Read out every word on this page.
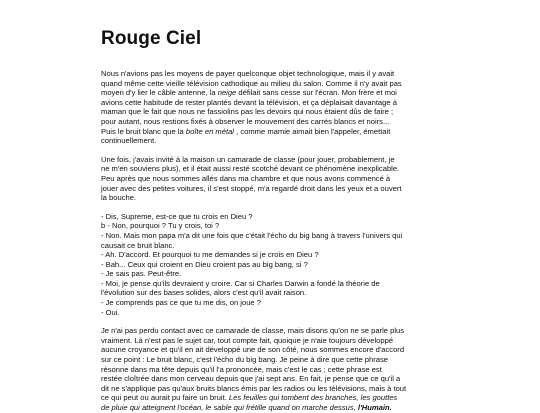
Rouge Ciel

Nous n'avions pas les moyens de payer quelconque objet technologique, mais il y avait
quand même cette vieille télévision cathodique au milieu du salon. Comme il n'y avait pas
moyen d'y lier le câble antenne, la neige défilait sans cesse sur l'écran. Mon frère et moi
avions cette habitude de rester plantés devant la télévision, et ça déplaisait davantage à
maman que le fait que nous ne fassiolins pas les devoirs qui nous étaient dûs de faire ;
pour autant, nous restions fixés à observer le mouvement des carrés blancs et noirs...
Puis le bruit blanc que la boîte en métal , comme mamie aimait bien l'appeler, émettait
continuellement.

Une fois, j'avais invité à la maison un camarade de classe (pour jouer, probablement, je
ne m'en souviens plus), et il était aussi resté scotché devant ce phénomène inexplicable.
Peu après que nous sommes allés dans ma chambre et que nous avons commencé à
jouer avec des petites voitures, il s'est stoppé, m'a regardé droit dans les yeux et a ouvert
la bouche.

- Dis, Supreme, est-ce que tu crois en Dieu ?
b - Non, pourquoi ? Tu y crois, toi ?
- Non. Mais mon papa m'a dit une fois que c'était l'écho du big bang à travers l'univers qui
causait ce bruit blanc.
- Ah. D'accord. Et pourquoi tu me demandes si je crois en Dieu ?
- Bah... Ceux qui croient en Dieu croient pas au big bang, si ?
- Je sais pas. Peut-être.
- Moi, je pense qu'ils devraient y croire. Car si Charles Darwin a fondé la théorie de
l'évolution sur des bases solides, alors c'est qu'il avait raison.
- Je comprends pas ce que tu me dis, on joue ?
- Oui.

Je n'ai pas perdu contact avec ce camarade de classe, mais disons qu'on ne se parle plus
vraiment. Là n'est pas le sujet car, tout compte fait, quoique je n'aie toujours développé
aucune croyance et qu'il en ait développé une de son côté, nous sommes encore d'accord
sur ce point : Le bruit blanc, c'est l'écho du big bang. Je peine à dire que cette phrase
résonne dans ma tête depuis qu'il l'a prononcée, mais c'est le cas ; cette phrase est
restée cloîtrée dans mon cerveau depuis que j'ai sept ans. En fait, je pense que ce qu'il a
dit ne s'applique pas qu'aux bruits blancs émis par les radios ou les télévisions, mais à tout
ce qui peut ou aurait pu faire un bruit. Les feuilles qui tombent des branches, les gouttes
de pluie qui atteignent l'océan, le sable qui frétille quand on marche dessus, l'Humain.
